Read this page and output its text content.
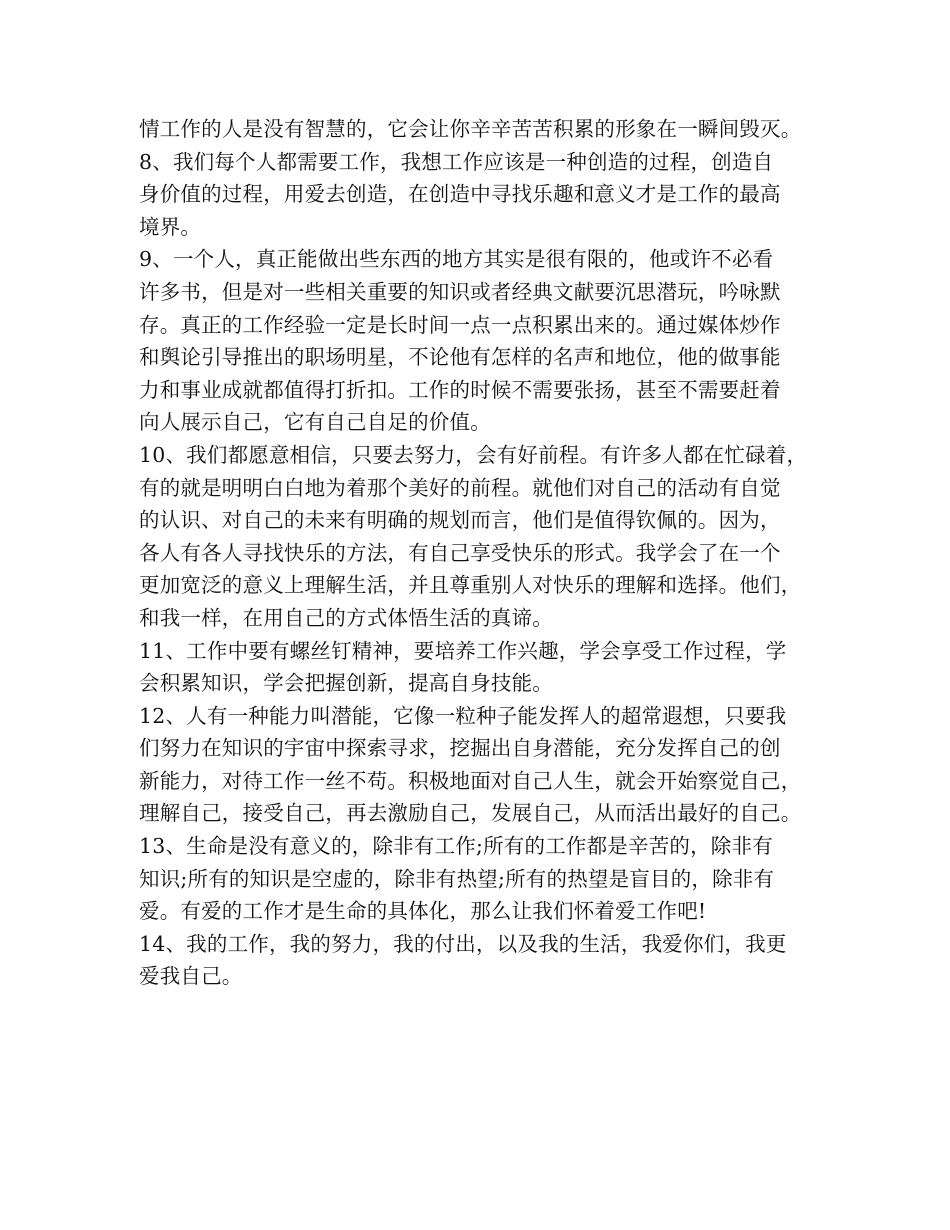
情工作的人是没有智慧的，它会让你辛辛苦苦积累的形象在一瞬间毁灭。
8、我们每个人都需要工作，我想工作应该是一种创造的过程，创造自
身价值的过程，用爱去创造，在创造中寻找乐趣和意义才是工作的最高
境界。
9、一个人，真正能做出些东西的地方其实是很有限的，他或许不必看
许多书，但是对一些相关重要的知识或者经典文献要沉思潜玩，吟咏默
存。真正的工作经验一定是长时间一点一点积累出来的。通过媒体炒作
和舆论引导推出的职场明星，不论他有怎样的名声和地位，他的做事能
力和事业成就都值得打折扣。工作的时候不需要张扬，甚至不需要赶着
向人展示自己，它有自己自足的价值。
10、我们都愿意相信，只要去努力，会有好前程。有许多人都在忙碌着，
有的就是明明白白地为着那个美好的前程。就他们对自己的活动有自觉
的认识、对自己的未来有明确的规划而言，他们是值得钦佩的。因为，
各人有各人寻找快乐的方法，有自己享受快乐的形式。我学会了在一个
更加宽泛的意义上理解生活，并且尊重别人对快乐的理解和选择。他们，
和我一样，在用自己的方式体悟生活的真谛。
11、工作中要有螺丝钉精神，要培养工作兴趣，学会享受工作过程，学
会积累知识，学会把握创新，提高自身技能。
12、人有一种能力叫潜能，它像一粒种子能发挥人的超常遐想，只要我
们努力在知识的宇宙中探索寻求，挖掘出自身潜能，充分发挥自己的创
新能力，对待工作一丝不苟。积极地面对自己人生，就会开始察觉自己，
理解自己，接受自己，再去激励自己，发展自己，从而活出最好的自己。
13、生命是没有意义的，除非有工作;所有的工作都是辛苦的，除非有
知识;所有的知识是空虚的，除非有热望;所有的热望是盲目的，除非有
爱。有爱的工作才是生命的具体化，那么让我们怀着爱工作吧!
14、我的工作，我的努力，我的付出，以及我的生活，我爱你们，我更
爱我自己。
